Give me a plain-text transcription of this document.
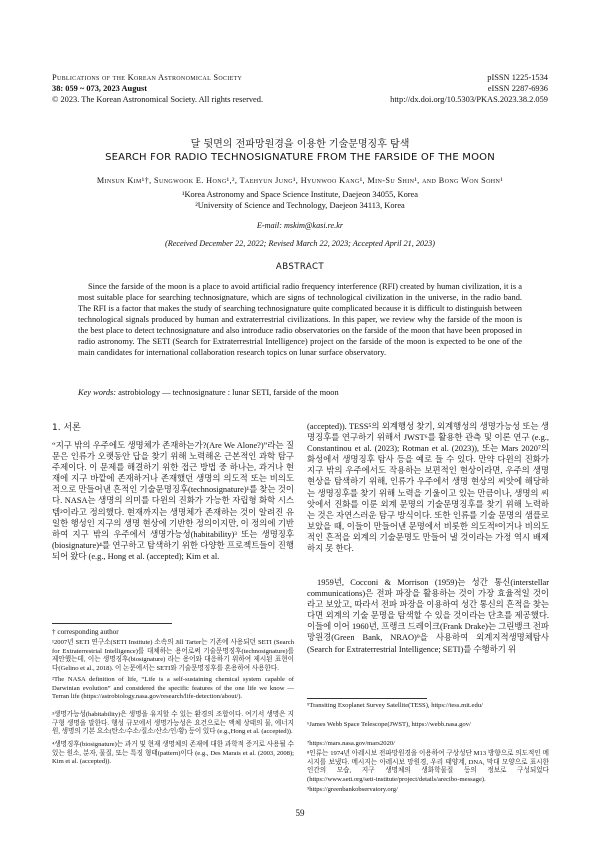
Publications of the Korean Astronomical Society
38: 059 ~ 073, 2023 August
© 2023. The Korean Astronomical Society. All rights reserved.
pISSN 1225-1534
eISSN 2287-6936
http://dx.doi.org/10.5303/PKAS.2023.38.2.059
달 뒷면의 전파망원경을 이용한 기술문명징후 탐색
SEARCH FOR RADIO TECHNOSIGNATURE FROM THE FARSIDE OF THE MOON
Minsun Kim¹†, Sungwook E. Hong¹,², Taehyun Jung¹, Hyunwoo Kang¹, Min-Su Shin¹, and Bong Won Sohn¹
¹Korea Astronomy and Space Science Institute, Daejeon 34055, Korea
²University of Science and Technology, Daejeon 34113, Korea
E-mail: mskim@kasi.re.kr
(Received December 22, 2022; Revised March 22, 2023; Accepted April 21, 2023)
ABSTRACT

Since the farside of the moon is a place to avoid artificial radio frequency interference (RFI) created by human civilization, it is a most suitable place for searching technosignature, which are signs of technological civilization in the universe, in the radio band. The RFI is a factor that makes the study of searching technosignature quite complicated because it is difficult to distinguish between technological signals produced by human and extraterrestrial civilizations. In this paper, we review why the farside of the moon is the best place to detect technosignature and also introduce radio observatories on the farside of the moon that have been proposed in radio astronomy. The SETI (Search for Extraterrestrial Intelligence) project on the farside of the moon is expected to be one of the main candidates for international collaboration research topics on lunar surface observatory.

Key words: astrobiology — technosignature : lunar SETI, farside of the moon
1. 서론

“지구 밖의 우주에도 생명체가 존재하는가?(Are We Alone?)”라는 질문은 인류가 오랫동안 답을 찾기 위해 노력해온 근본적인 과학 탐구 주제이다. 이 문제를 해결하기 위한 접근 방법 중 하나는, 과거나 현재에 지구 바깥에 존재하거나 존재했던 생명의 의도적 또는 비의도적으로 만들어낸 흔적인 기술문명징후(technosignature)¹를 찾는 것이다. NASA는 생명의 의미를 다윈의 진화가 가능한 자립형 화학 시스템²이라고 정의했다. 현재까지는 생명체가 존재하는 것이 알려진 유일한 행성인 지구의 생명 현상에 기반한 정의이지만, 이 정의에 기반하여 지구 밖의 우주에서 생명가능성(habitability)³ 또는 생명징후(biosignature)⁴를 연구하고 탐색하기 위한 다양한 프로젝트들이 진행되어 왔다 (e.g., Hong et al. (accepted); Kim et al.

(accepted)). TESS⁵의 외계행성 찾기, 외계행성의 생명가능성 또는 생명징후를 연구하기 위해서 JWST⁶를 활용한 관측 및 이론 연구 (e.g., Constantinou et al. (2023); Rotman et al. (2023)), 또는 Mars 2020⁷의 화성에서 생명징후 탐사 등을 예로 들 수 있다. 만약 다윈의 진화가 지구 밖의 우주에서도 작용하는 보편적인 현상이라면, 우주의 생명현상을 탐색하기 위해, 인류가 우주에서 생명 현상의 씨앗에 해당하는 생명징후를 찾기 위해 노력을 기울이고 있는 만큼이나, 생명의 씨앗에서 진화를 이룬 외계 문명의 기술문명징후를 찾기 위해 노력하는 것은 자연스러운 탐구 방식이다. 또한 인류를 기술 문명의 샘플로 보았을 때, 이들이 만들어낸 문명에서 비롯한 의도적⁸이거나 비의도적인 흔적을 외계의 기술문명도 만들어 낼 것이라는 가정 역시 배제하지 못 한다.

1959년, Cocconi & Morrison (1959)는 성간 통신(interstellar communications)은 전파 파장을 활용하는 것이 가장 효율적일 것이라고 보았고, 따라서 전파 파장을 이용하여 성간 통신의 흔적을 찾는다면 외계의 기술 문명을 탐색할 수 있을 것이라는 단초를 제공했다. 이들에 이어 1960년, 프랭크 드레이크(Frank Drake)는 그린뱅크 전파망원경(Green Bank, NRAO)⁹을 사용하여 외계지적생명체탐사(Search for Extraterrestrial Intelligence; SETI)를 수행하기 위

† corresponding author

¹2007년 SETI 연구소(SETI Institute) 소속의 Jill Tarter는 기존에 사용되던 SETI (Search for Extraterrestrial Intelligence)를 대체하는 용어로써 기술문명징후(technosignature)를 제안했는데, 이는 생명징후(biosignature) 라는 용어와 대응하기 위하여 제시된 표현이다(Gelino et al., 2018). 이 논문에서는 SETI와 기술문명징후를 혼용하여 사용한다.

²The NASA definition of life, “Life is a self-sustaining chemical system capable of Darwinian evolution” and considered the specific features of the one life we know — Terran life (https://astrobiology.nasa.gov/research/life-detection/about/).

³생명가능성(habitability)은 생명을 유지할 수 있는 환경의 조합이다. 여기서 생명은 지구형 생명을 말한다. 행성 규모에서 생명가능성은 요건으로는 액체 상태의 물, 에너지원, 생명의 기본 요소(탄소/수소/질소/산소/인/황) 등이 있다 (e.g.,Hong et al. (accepted)).

⁴생명징후(biosignature)는 과거 및 현재 생명체의 존재에 대한 과학적 증거로 사용될 수 있는 원소, 분자, 물질, 또는 특징 형태(pattern)이다 (e.g., Des Marais et al. (2003, 2008); Kim et al. (accepted)).

⁵Transiting Exoplanet Survey Satellite(TESS), https://tess.mit.edu/

⁶James Webb Space Telescope(JWST), https://webb.nasa.gov/

⁷https://mars.nasa.gov/mars2020/

⁸인류는 1974년 아레시보 전파망원경을 이용하여 구상성단 M13 방향으로 의도적인 메시지를 보냈다. 메시지는 아레시보 망원경, 우리 태양계, DNA, 막대 모양으로 표시한 인간의 모습, 지구 생명체의 생화학물질 등의 정보로 구성되었다 (https://www.seti.org/seti-institute/project/details/arecibo-message).

⁹https://greenbankobservatory.org/

59
